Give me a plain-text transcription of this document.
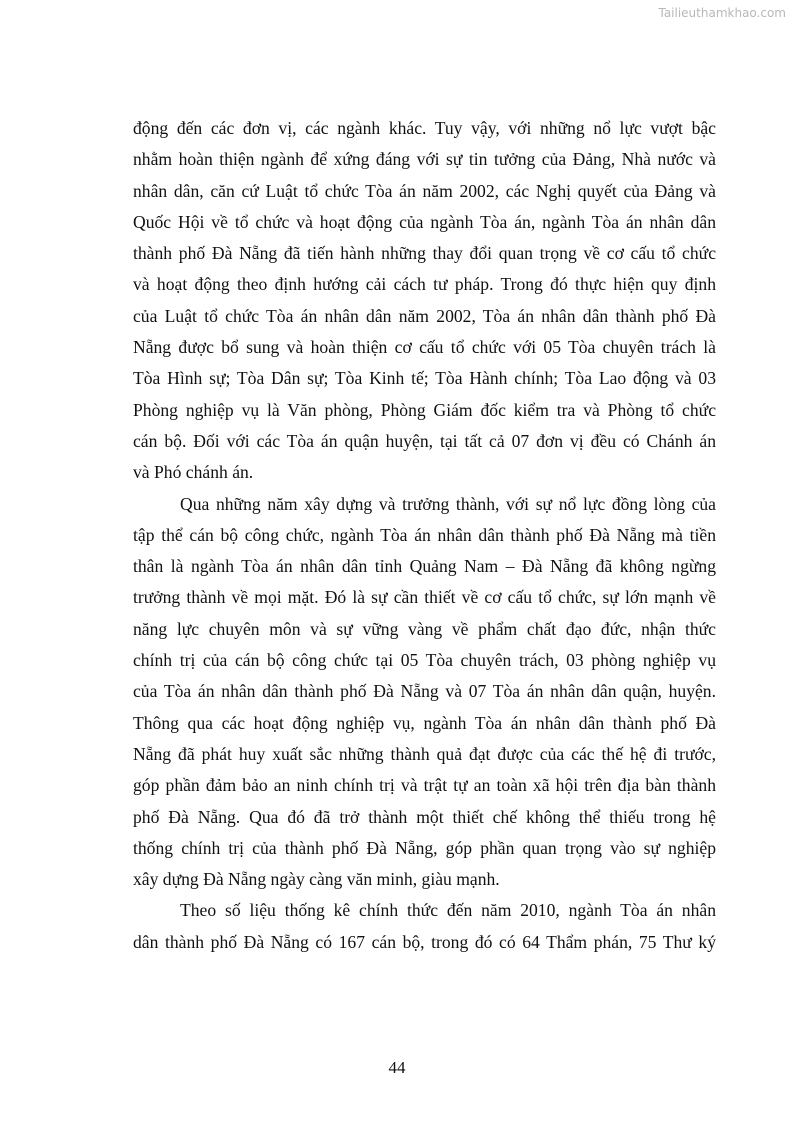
Tailieuthamkhao.com
động đến các đơn vị, các ngành khác. Tuy vậy, với những nổ lực vượt bậc
nhằm hoàn thiện ngành để xứng đáng với sự tin tưởng của Đảng, Nhà nước và
nhân dân, căn cứ Luật tổ chức Tòa án năm 2002, các Nghị quyết của Đảng và
Quốc Hội về tổ chức và hoạt động của ngành Tòa án, ngành Tòa án nhân dân
thành phố Đà Nẵng đã tiến hành những thay đổi quan trọng về cơ cấu tổ chức
và hoạt động theo định hướng cải cách tư pháp. Trong đó thực hiện quy định
của Luật tổ chức Tòa án nhân dân năm 2002, Tòa án nhân dân thành phố Đà
Nẵng được bổ sung và hoàn thiện cơ cấu tổ chức với 05 Tòa chuyên trách là
Tòa Hình sự; Tòa Dân sự; Tòa Kinh tế; Tòa Hành chính; Tòa Lao động và 03
Phòng nghiệp vụ là Văn phòng, Phòng Giám đốc kiểm tra và Phòng tổ chức
cán bộ. Đối với các Tòa án quận huyện, tại tất cả 07 đơn vị đều có Chánh án
và Phó chánh án.
Qua những năm xây dựng và trưởng thành, với sự nổ lực đồng lòng của
tập thể cán bộ công chức, ngành Tòa án nhân dân thành phố Đà Nẵng mà tiền
thân là ngành Tòa án nhân dân tỉnh Quảng Nam – Đà Nẵng đã không ngừng
trưởng thành về mọi mặt. Đó là sự cần thiết về cơ cấu tổ chức, sự lớn mạnh về
năng lực chuyên môn và sự vững vàng về phẩm chất đạo đức, nhận thức
chính trị của cán bộ công chức tại 05 Tòa chuyên trách, 03 phòng nghiệp vụ
của Tòa án nhân dân thành phố Đà Nẵng và 07 Tòa án nhân dân quận, huyện.
Thông qua các hoạt động nghiệp vụ, ngành Tòa án nhân dân thành phố Đà
Nẵng đã phát huy xuất sắc những thành quả đạt được của các thế hệ đi trước,
góp phần đảm bảo an ninh chính trị và trật tự an toàn xã hội trên địa bàn thành
phố Đà Nẵng. Qua đó đã trở thành một thiết chế không thể thiếu trong hệ
thống chính trị của thành phố Đà Nẵng, góp phần quan trọng vào sự nghiệp
xây dựng Đà Nẵng ngày càng văn minh, giàu mạnh.
Theo số liệu thống kê chính thức đến năm 2010, ngành Tòa án nhân
dân thành phố Đà Nẵng có 167 cán bộ, trong đó có 64 Thẩm phán, 75 Thư ký
44
